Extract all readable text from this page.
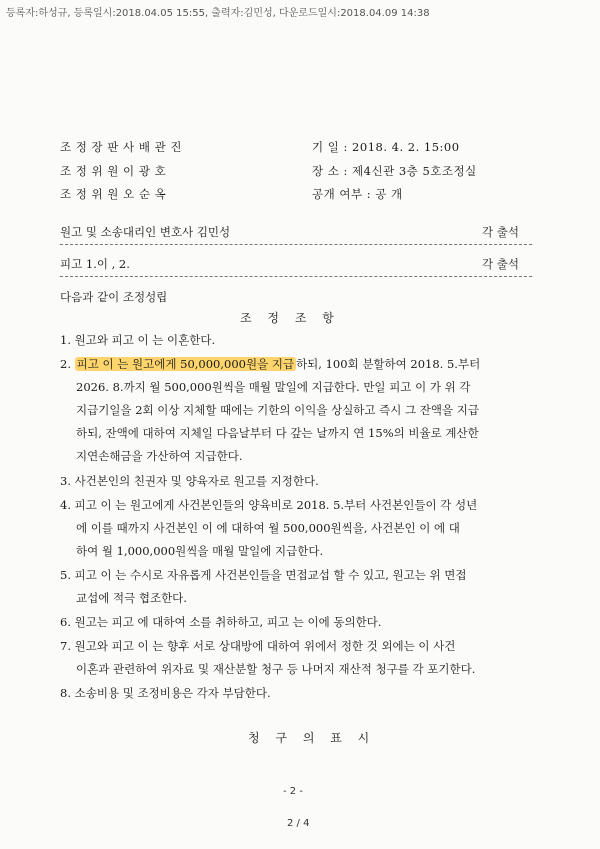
등록자:하성규, 등록일시:2018.04.05 15:55, 출력자:김민성, 다운로드일시:2018.04.09 14:38
조 정 장 판 사 배 관 진
조 정 위 원 이 광 호
조 정 위 원 오 순 옥
기 일 : 2018. 4. 2. 15:00
장 소 : 제4신관 3층 5호조정실
공개 여부 : 공 개
원고 및 소송대리인 변호사 김민성	각 출석
피고 1.이 , 2.	각 출석
다음과 같이 조정성립
조 정 조 항
1. 원고와 피고 이 는 이혼한다.
2. 피고 이 는 원고에게 50,000,000원을 지급 하되, 100회 분할하여 2018. 5.부터
2026. 8.까지 월 500,000원씩을 매월 말일에 지급한다. 만일 피고 이 가 위 각
지급기일을 2회 이상 지체할 때에는 기한의 이익을 상실하고 즉시 그 잔액을 지급
하되, 잔액에 대하여 지체일 다음날부터 다 갚는 날까지 연 15%의 비율로 계산한
지연손해금을 가산하여 지급한다.
3. 사건본인의 친권자 및 양육자로 원고를 지정한다.
4. 피고 이 는 원고에게 사건본인들의 양육비로 2018. 5.부터 사건본인들이 각 성년
에 이를 때까지 사건본인 이 에 대하여 월 500,000원씩을, 사건본인 이 에 대
하여 월 1,000,000원씩을 매월 말일에 지급한다.
5. 피고 이 는 수시로 자유롭게 사건본인들을 면접교섭 할 수 있고, 원고는 위 면접
교섭에 적극 협조한다.
6. 원고는 피고 에 대하여 소를 취하하고, 피고 는 이에 동의한다.
7. 원고와 피고 이 는 향후 서로 상대방에 대하여 위에서 정한 것 외에는 이 사건
이혼과 관련하여 위자료 및 재산분할 청구 등 나머지 재산적 청구를 각 포기한다.
8. 소송비용 및 조정비용은 각자 부담한다.
청 구 의 표 시
- 2 -
2 / 4
